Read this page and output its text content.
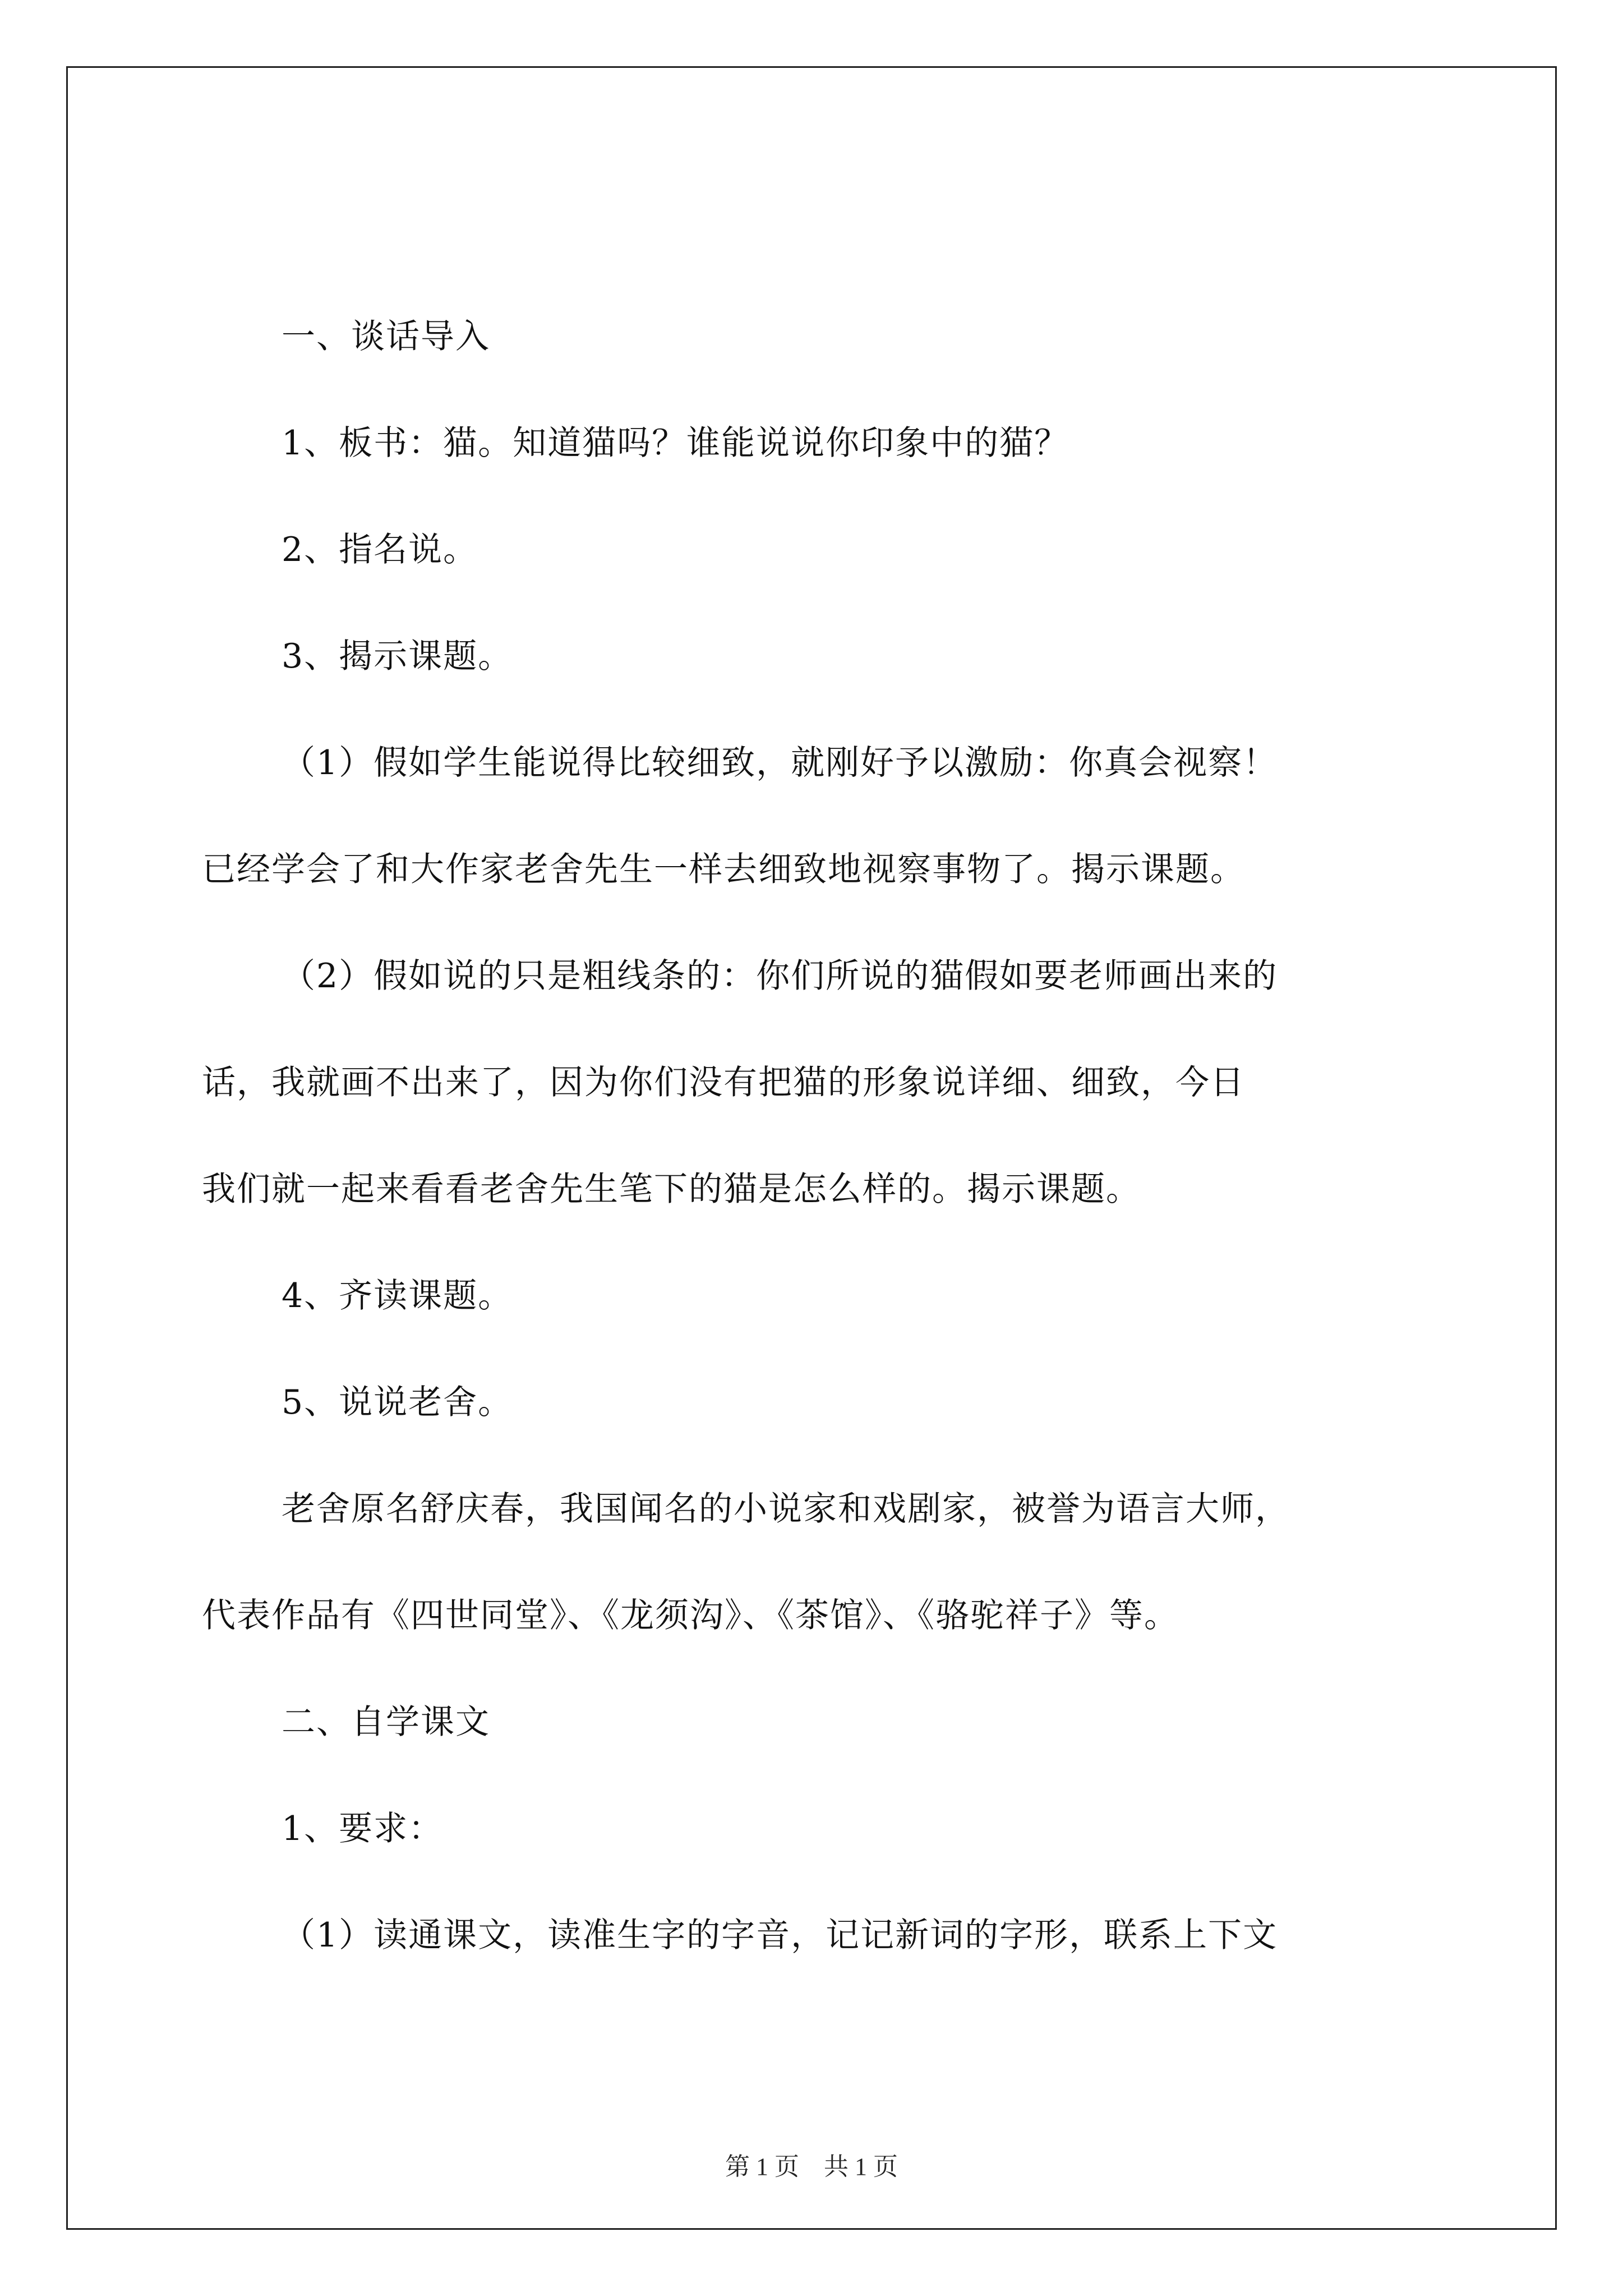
一、谈话导入
1、板书：猫。知道猫吗？谁能说说你印象中的猫？
2、指名说。
3、揭示课题。
（1）假如学生能说得比较细致，就刚好予以激励：你真会视察！
已经学会了和大作家老舍先生一样去细致地视察事物了。揭示课题。
（2）假如说的只是粗线条的：你们所说的猫假如要老师画出来的
话，我就画不出来了，因为你们没有把猫的形象说详细、细致，今日
我们就一起来看看老舍先生笔下的猫是怎么样的。揭示课题。
4、齐读课题。
5、说说老舍。
老舍原名舒庆春，我国闻名的小说家和戏剧家，被誉为语言大师，
代表作品有《四世同堂》、《龙须沟》、《茶馆》、《骆驼祥子》等。
二、自学课文
1、要求：
（1）读通课文，读准生字的字音，记记新词的字形，联系上下文
第 1 页　共 1 页
